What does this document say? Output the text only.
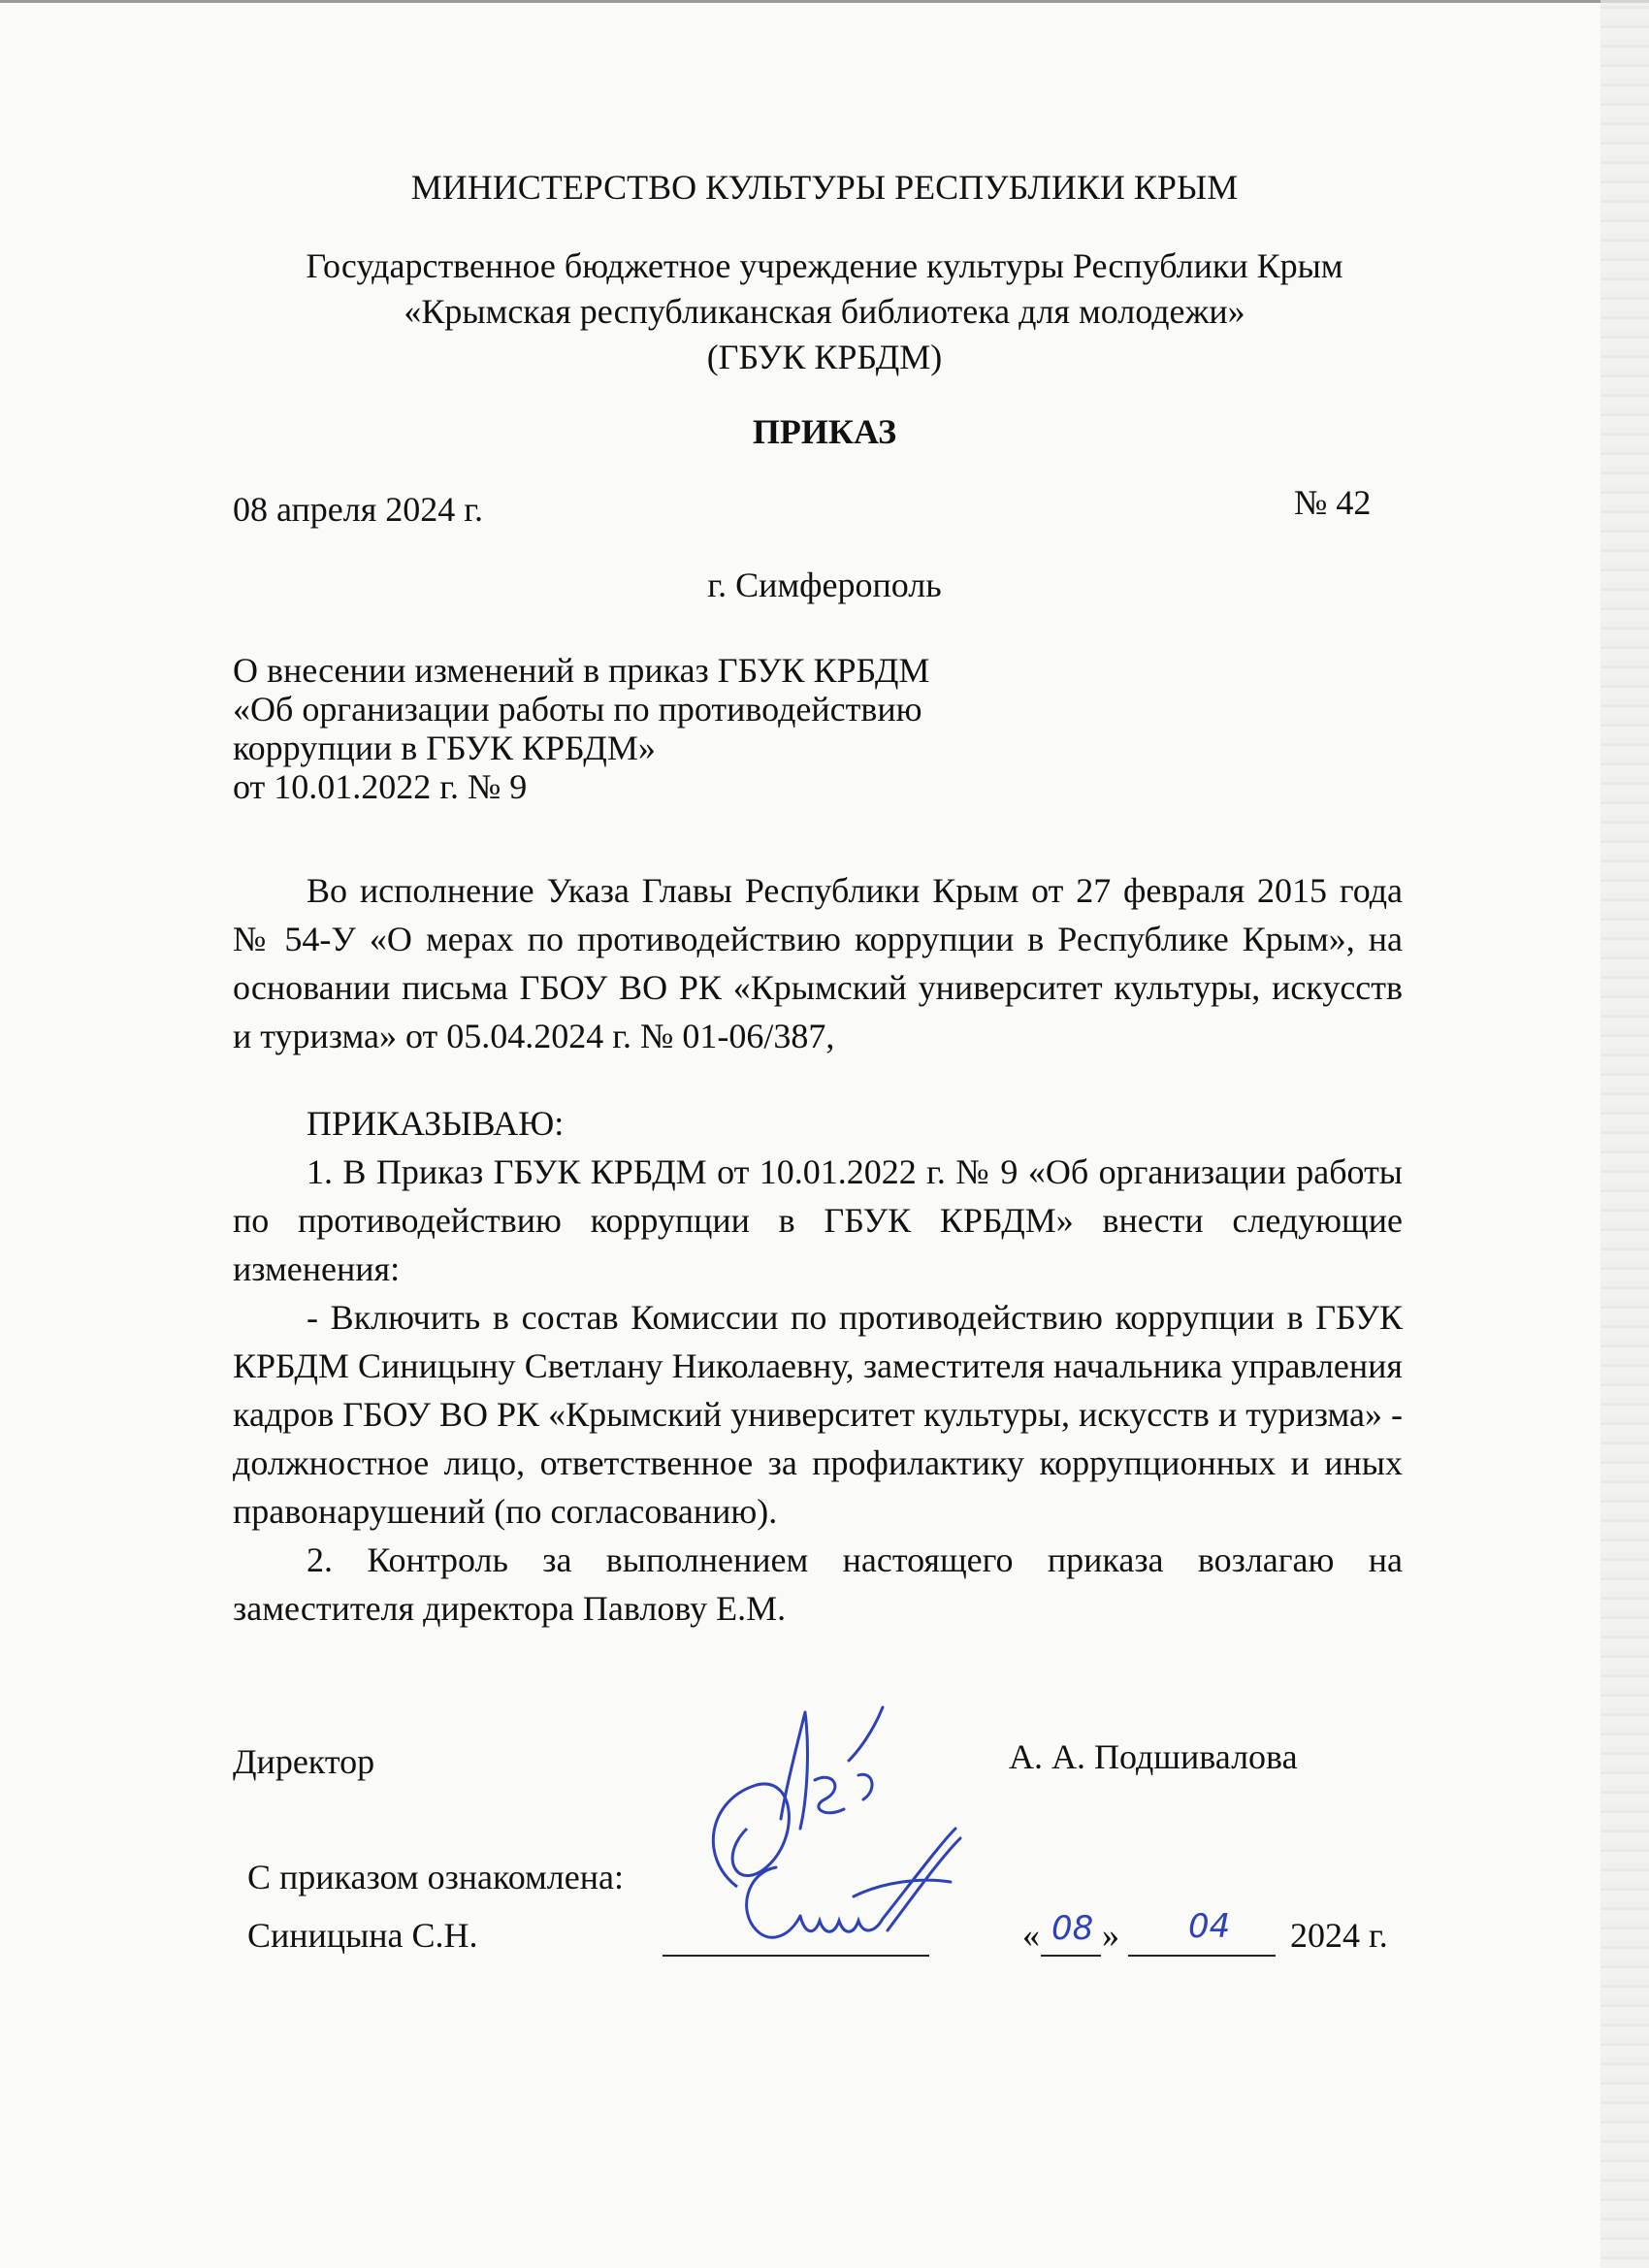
МИНИСТЕРСТВО КУЛЬТУРЫ РЕСПУБЛИКИ КРЫМ
Государственное бюджетное учреждение культуры Республики Крым
«Крымская республиканская библиотека для молодежи»
(ГБУК КРБДМ)
ПРИКАЗ
08 апреля 2024 г.	№ 42
г. Симферополь
О внесении изменений в приказ ГБУК КРБДМ
«Об организации работы по противодействию
коррупции в ГБУК КРБДМ»
от 10.01.2022 г. № 9

Во исполнение Указа Главы Республики Крым от 27 февраля 2015 года № 54-У «О мерах по противодействию коррупции в Республике Крым», на основании письма ГБОУ ВО РК «Крымский университет культуры, искусств и туризма» от 05.04.2024 г. № 01-06/387,

ПРИКАЗЫВАЮ:

1. В Приказ ГБУК КРБДМ от 10.01.2022 г. № 9 «Об организации работы по противодействию коррупции в ГБУК КРБДМ» внести следующие изменения:

- Включить в состав Комиссии по противодействию коррупции в ГБУК КРБДМ Синицыну Светлану Николаевну, заместителя начальника управления кадров ГБОУ ВО РК «Крымский университет культуры, искусств и туризма» - должностное лицо, ответственное за профилактику коррупционных и иных правонарушений (по согласованию).

2. Контроль за выполнением настоящего приказа возлагаю на заместителя директора Павлову Е.М.

Директор	А. А. Подшивалова
С приказом ознакомлена:
Синицына С.Н.	« 08 » 04 2024 г.
